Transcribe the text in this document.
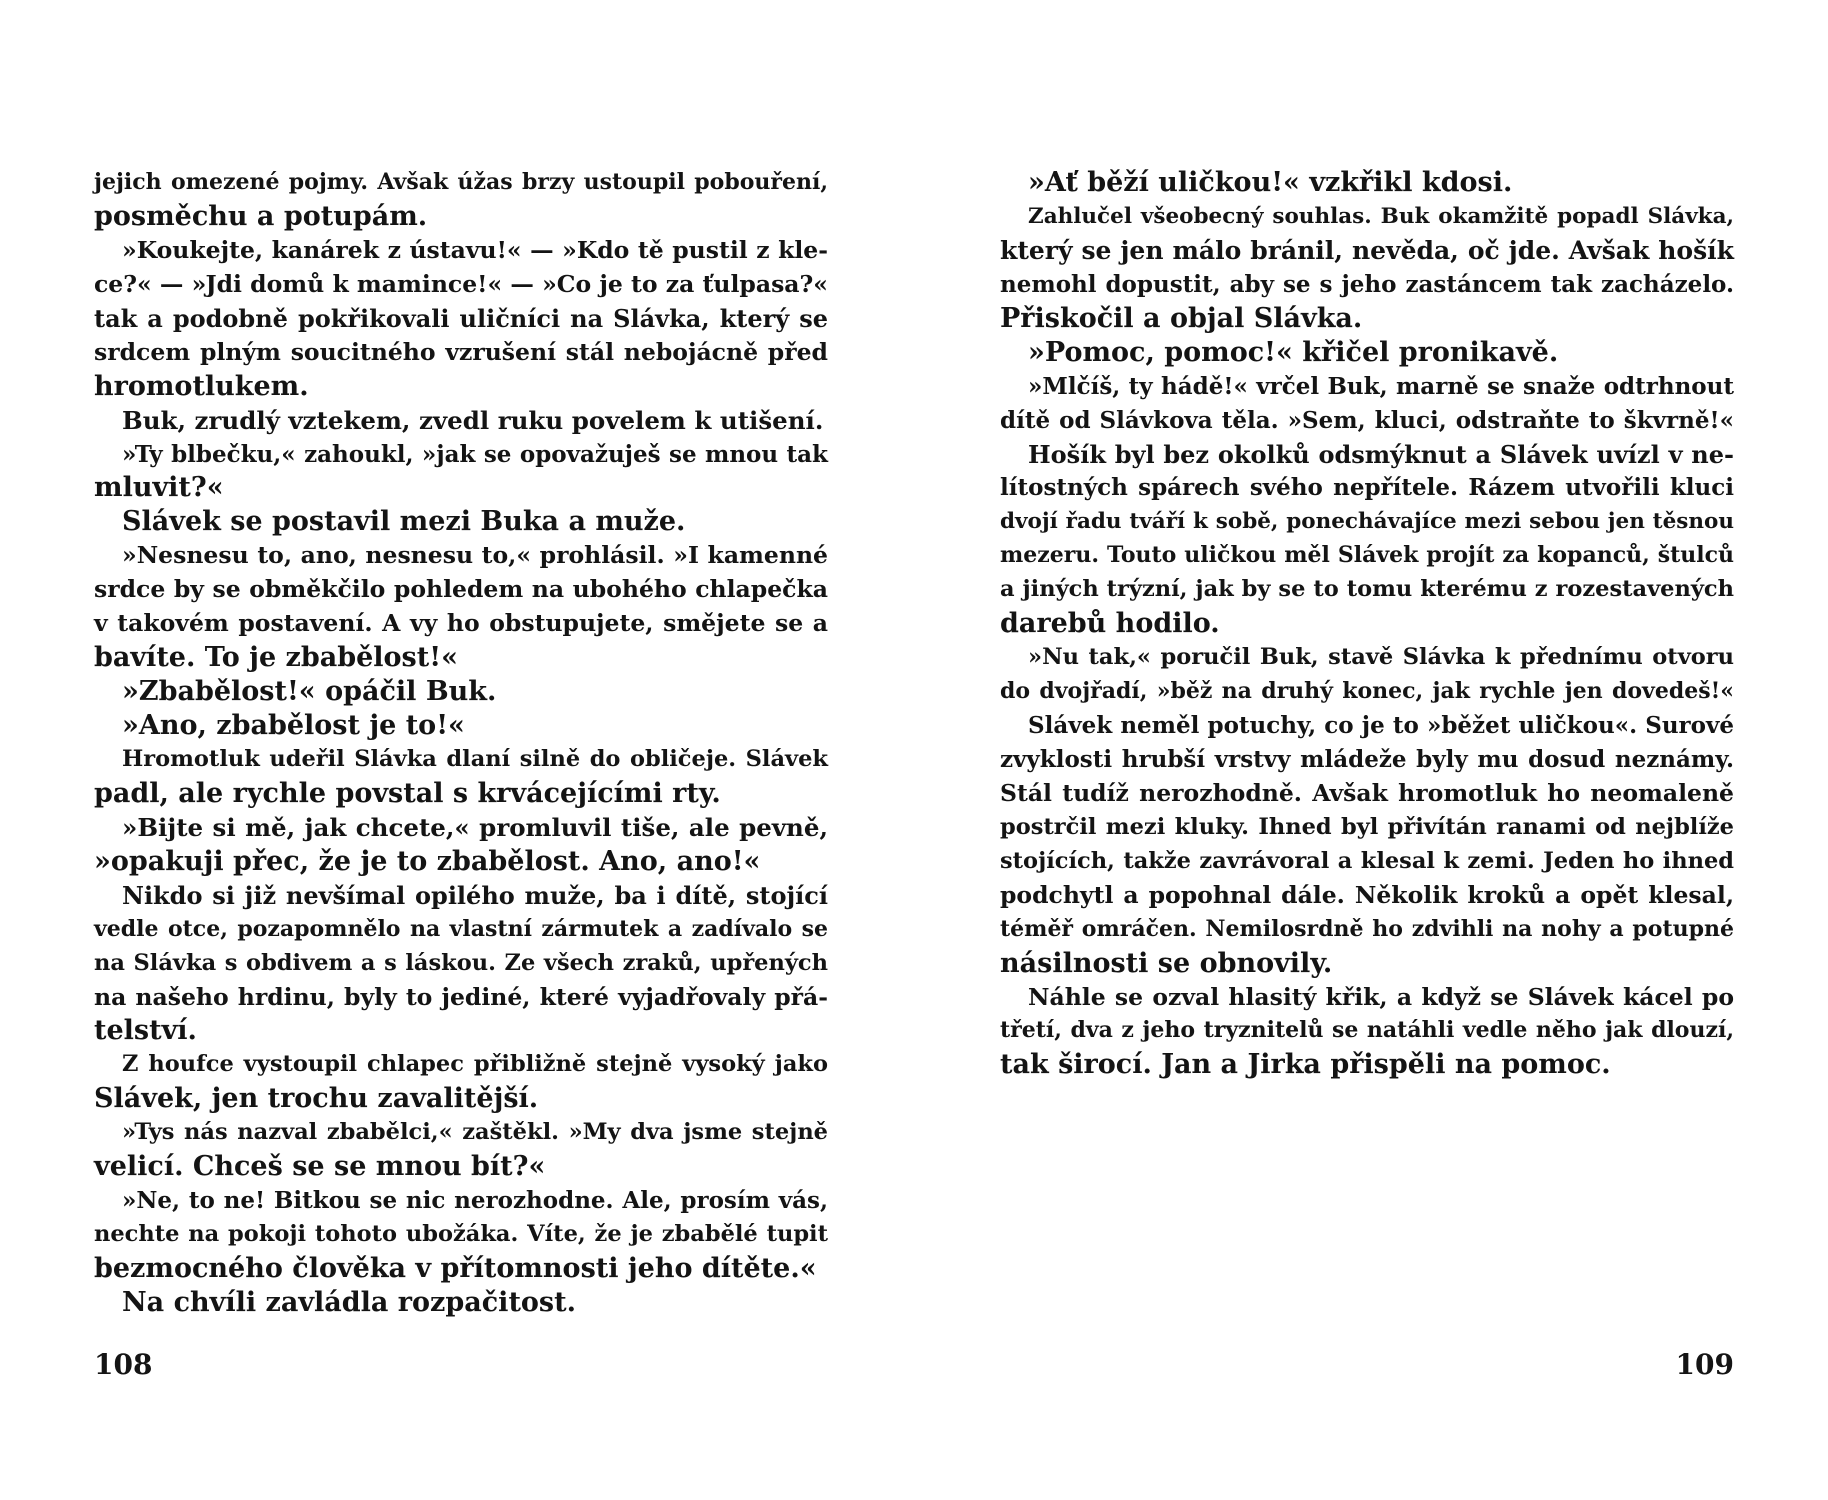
jejich omezené pojmy. Avšak úžas brzy ustoupil pobouření,
posměchu a potupám.
»Koukejte, kanárek z ústavu!« — »Kdo tě pustil z kle-
ce?« — »Jdi domů k mamince!« — »Co je to za ťulpasa?«
tak a podobně pokřikovali uličníci na Slávka, který se
srdcem plným soucitného vzrušení stál nebojácně před
hromotlukem.
Buk, zrudlý vztekem, zvedl ruku povelem k utišení.
»Ty blbečku,« zahoukl, »jak se opovažuješ se mnou tak
mluvit?«
Slávek se postavil mezi Buka a muže.
»Nesnesu to, ano, nesnesu to,« prohlásil. »I kamenné
srdce by se obměkčilo pohledem na ubohého chlapečka
v takovém postavení. A vy ho obstupujete, smějete se a
bavíte. To je zbabělost!«
»Zbabělost!« opáčil Buk.
»Ano, zbabělost je to!«
Hromotluk udeřil Slávka dlaní silně do obličeje. Slávek
padl, ale rychle povstal s krvácejícími rty.
»Bijte si mě, jak chcete,« promluvil tiše, ale pevně,
»opakuji přec, že je to zbabělost. Ano, ano!«
Nikdo si již nevšímal opilého muže, ba i dítě, stojící
vedle otce, pozapomnělo na vlastní zármutek a zadívalo se
na Slávka s obdivem a s láskou. Ze všech zraků, upřených
na našeho hrdinu, byly to jediné, které vyjadřovaly přá-
telství.
Z houfce vystoupil chlapec přibližně stejně vysoký jako
Slávek, jen trochu zavalitější.
»Tys nás nazval zbabělci,« zaštěkl. »My dva jsme stejně
velicí. Chceš se se mnou bít?«
»Ne, to ne! Bitkou se nic nerozhodne. Ale, prosím vás,
nechte na pokoji tohoto ubožáka. Víte, že je zbabělé tupit
bezmocného člověka v přítomnosti jeho dítěte.«
Na chvíli zavládla rozpačitost.
108
»Ať běží uličkou!« vzkřikl kdosi.
Zahlučel všeobecný souhlas. Buk okamžitě popadl Slávka,
který se jen málo bránil, nevěda, oč jde. Avšak hošík
nemohl dopustit, aby se s jeho zastáncem tak zacházelo.
Přiskočil a objal Slávka.
»Pomoc, pomoc!« křičel pronikavě.
»Mlčíš, ty hádě!« vrčel Buk, marně se snaže odtrhnout
dítě od Slávkova těla. »Sem, kluci, odstraňte to škvrně!«
Hošík byl bez okolků odsmýknut a Slávek uvízl v ne-
lítostných spárech svého nepřítele. Rázem utvořili kluci
dvojí řadu tváří k sobě, ponechávajíce mezi sebou jen těsnou
mezeru. Touto uličkou měl Slávek projít za kopanců, štulců
a jiných trýzní, jak by se to tomu kterému z rozestavených
darebů hodilo.
»Nu tak,« poručil Buk, stavě Slávka k přednímu otvoru
do dvojřadí, »běž na druhý konec, jak rychle jen dovedeš!«
Slávek neměl potuchy, co je to »běžet uličkou«. Surové
zvyklosti hrubší vrstvy mládeže byly mu dosud neznámy.
Stál tudíž nerozhodně. Avšak hromotluk ho neomaleně
postrčil mezi kluky. Ihned byl přivítán ranami od nejblíže
stojících, takže zavrávoral a klesal k zemi. Jeden ho ihned
podchytl a popohnal dále. Několik kroků a opět klesal,
téměř omráčen. Nemilosrdně ho zdvihli na nohy a potupné
násilnosti se obnovily.
Náhle se ozval hlasitý křik, a když se Slávek kácel po
třetí, dva z jeho tryznitelů se natáhli vedle něho jak dlouzí,
tak širocí. Jan a Jirka přispěli na pomoc.
109
